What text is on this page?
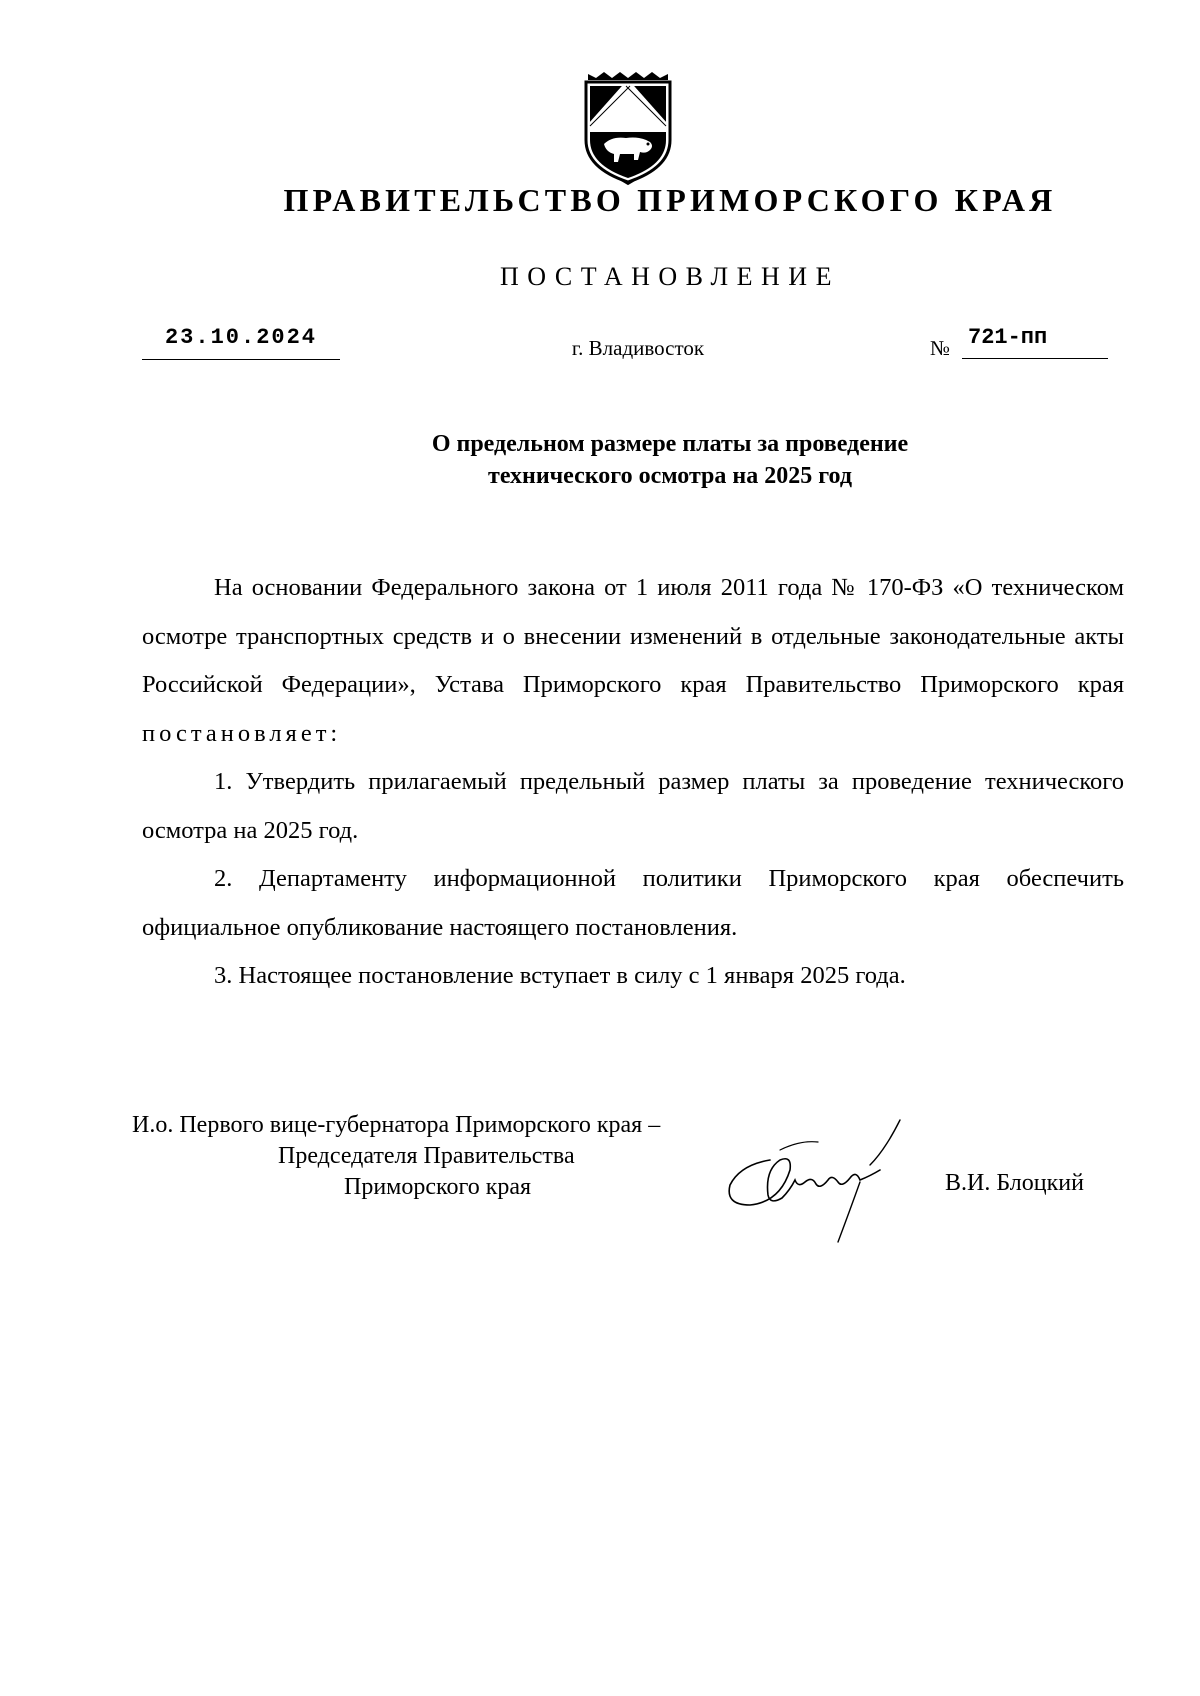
ПРАВИТЕЛЬСТВО ПРИМОРСКОГО КРАЯ
ПОСТАНОВЛЕНИЕ
23.10.2024	г. Владивосток	№ 721-пп
О предельном размере платы за проведение
технического осмотра на 2025 год

На основании Федерального закона от 1 июля 2011 года № 170-ФЗ «О техническом осмотре транспортных средств и о внесении изменений в отдельные законодательные акты Российской Федерации», Устава Приморского края Правительство Приморского края постановляет:

1. Утвердить прилагаемый предельный размер платы за проведение технического осмотра на 2025 год.

2. Департаменту информационной политики Приморского края обеспечить официальное опубликование настоящего постановления.

3. Настоящее постановление вступает в силу с 1 января 2025 года.

И.о. Первого вице-губернатора Приморского края –
Председателя Правительства
Приморского края	В.И. Блоцкий
